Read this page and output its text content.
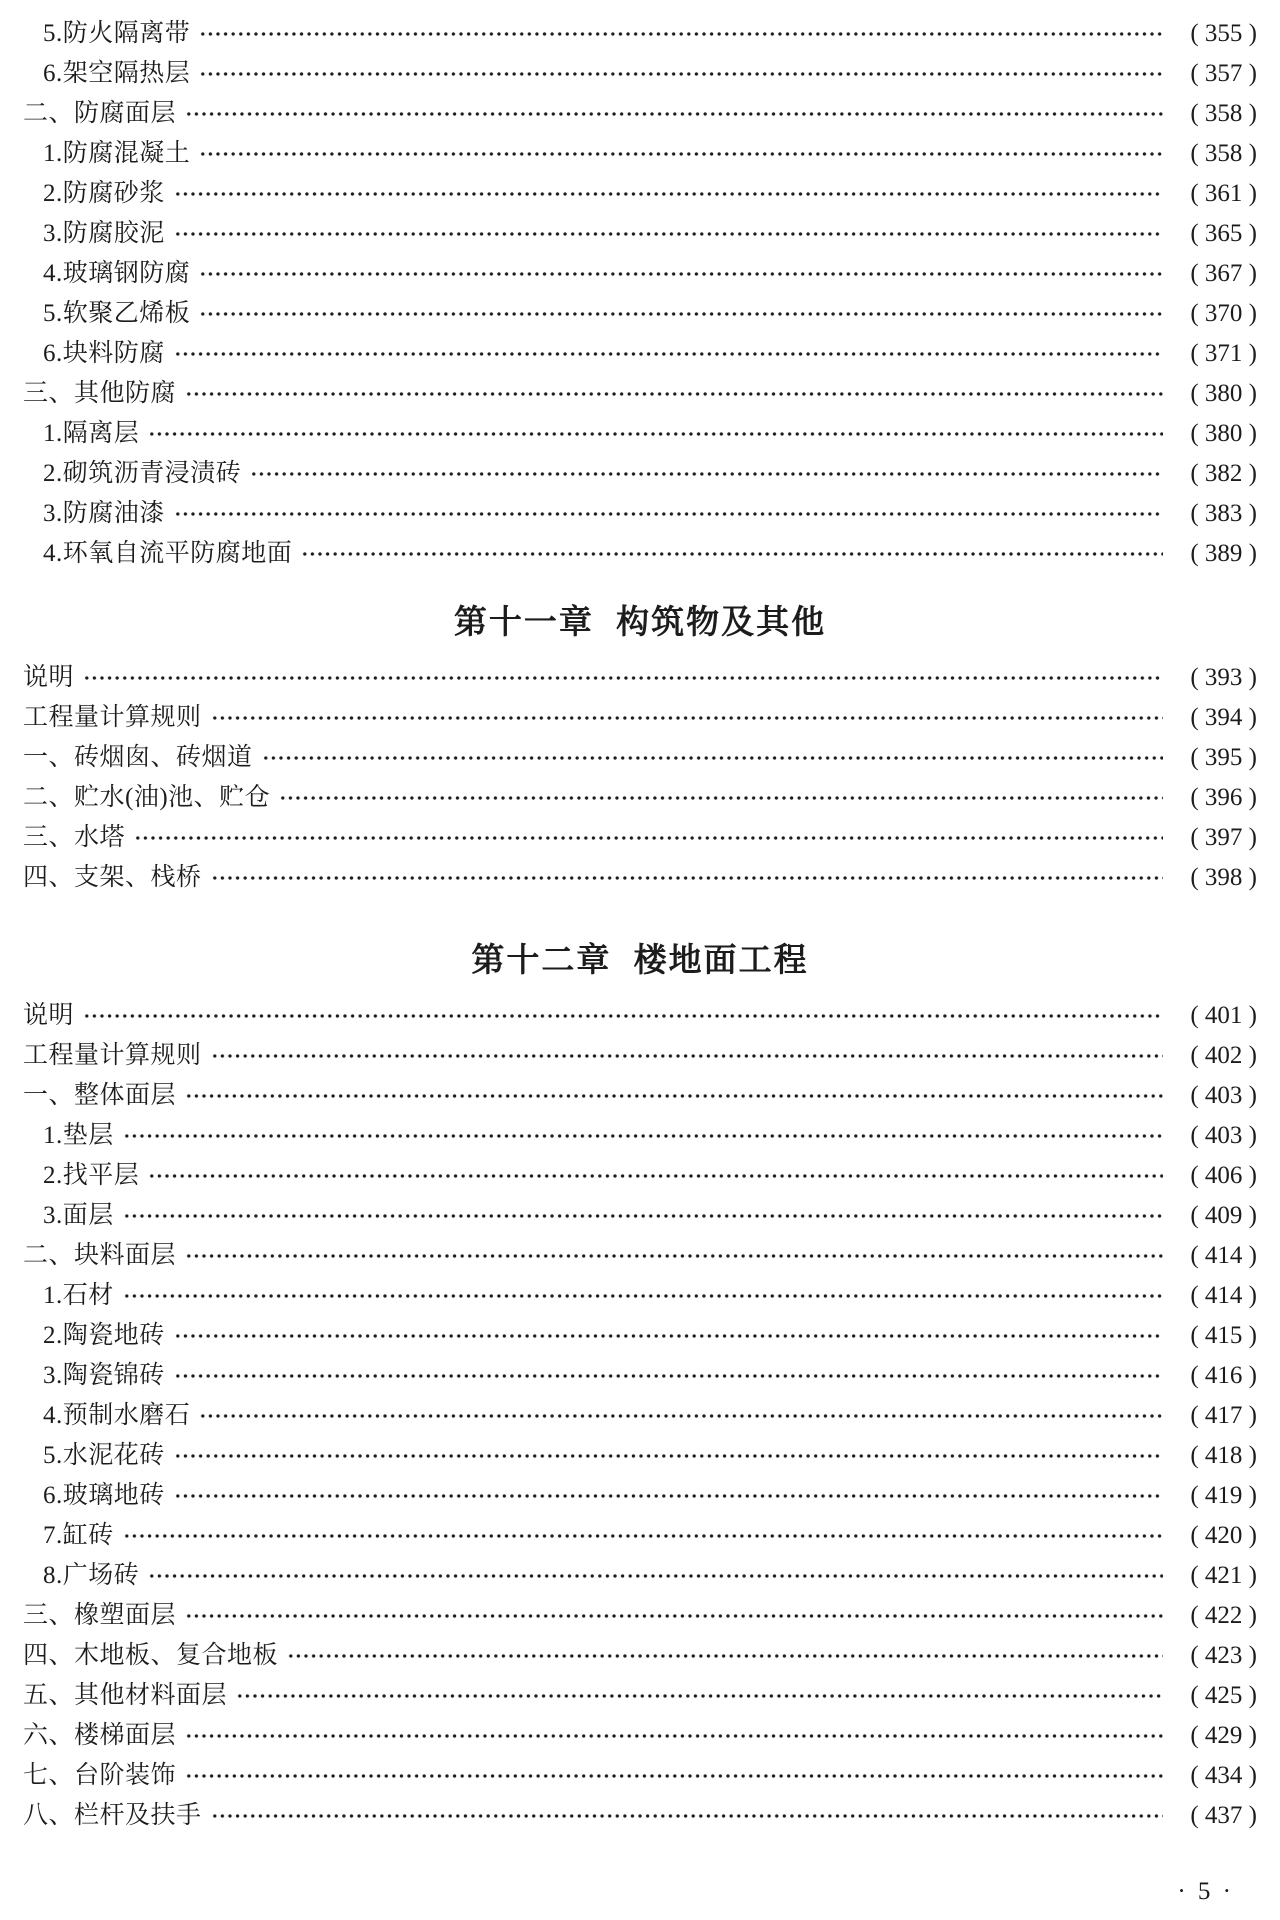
5.防火隔离带	( 355 )
6.架空隔热层	( 357 )
二、防腐面层	( 358 )
1.防腐混凝土	( 358 )
2.防腐砂浆	( 361 )
3.防腐胶泥	( 365 )
4.玻璃钢防腐	( 367 )
5.软聚乙烯板	( 370 )
6.块料防腐	( 371 )
三、其他防腐	( 380 )
1.隔离层	( 380 )
2.砌筑沥青浸渍砖	( 382 )
3.防腐油漆	( 383 )
4.环氧自流平防腐地面	( 389 )
第十一章  构筑物及其他
说明	( 393 )
工程量计算规则	( 394 )
一、砖烟囱、砖烟道	( 395 )
二、贮水(油)池、贮仓	( 396 )
三、水塔	( 397 )
四、支架、栈桥	( 398 )
第十二章  楼地面工程
说明	( 401 )
工程量计算规则	( 402 )
一、整体面层	( 403 )
1.垫层	( 403 )
2.找平层	( 406 )
3.面层	( 409 )
二、块料面层	( 414 )
1.石材	( 414 )
2.陶瓷地砖	( 415 )
3.陶瓷锦砖	( 416 )
4.预制水磨石	( 417 )
5.水泥花砖	( 418 )
6.玻璃地砖	( 419 )
7.缸砖	( 420 )
8.广场砖	( 421 )
三、橡塑面层	( 422 )
四、木地板、复合地板	( 423 )
五、其他材料面层	( 425 )
六、楼梯面层	( 429 )
七、台阶装饰	( 434 )
八、栏杆及扶手	( 437 )

· 5 ·
